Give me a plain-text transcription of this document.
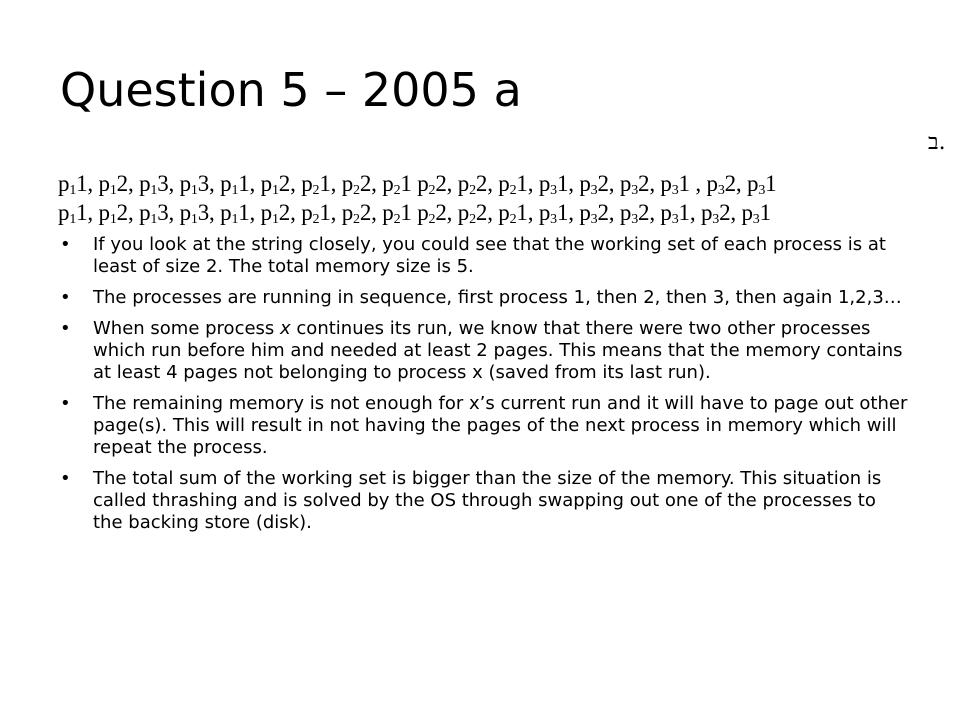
Question 5 – 2005 a
ב.
$p_11$, $p_12$, $p_13$, $p_13$, $p_11$, $p_12$, $p_21$, $p_22$, $p_21$ $p_22$, $p_22$, $p_21$, $p_31$, $p_32$, $p_32$, $p_31$ , $p_32$, $p_31$
$p_11$, $p_12$, $p_13$, $p_13$, $p_11$, $p_12$, $p_21$, $p_22$, $p_21$ $p_22$, $p_22$, $p_21$, $p_31$, $p_32$, $p_32$, $p_31$, $p_32$, $p_31$
• If you look at the string closely, you could see that the working set of each process is at least of size 2. The total memory size is 5.
• The processes are running in sequence, first process 1, then 2, then 3, then again 1,2,3…
• When some process x continues its run, we know that there were two other processes which run before him and needed at least 2 pages. This means that the memory contains at least 4 pages not belonging to process x (saved from its last run).
• The remaining memory is not enough for x’s current run and it will have to page out other page(s). This will result in not having the pages of the next process in memory which will repeat the process.
• The total sum of the working set is bigger than the size of the memory. This situation is called thrashing and is solved by the OS through swapping out one of the processes to the backing store (disk).
